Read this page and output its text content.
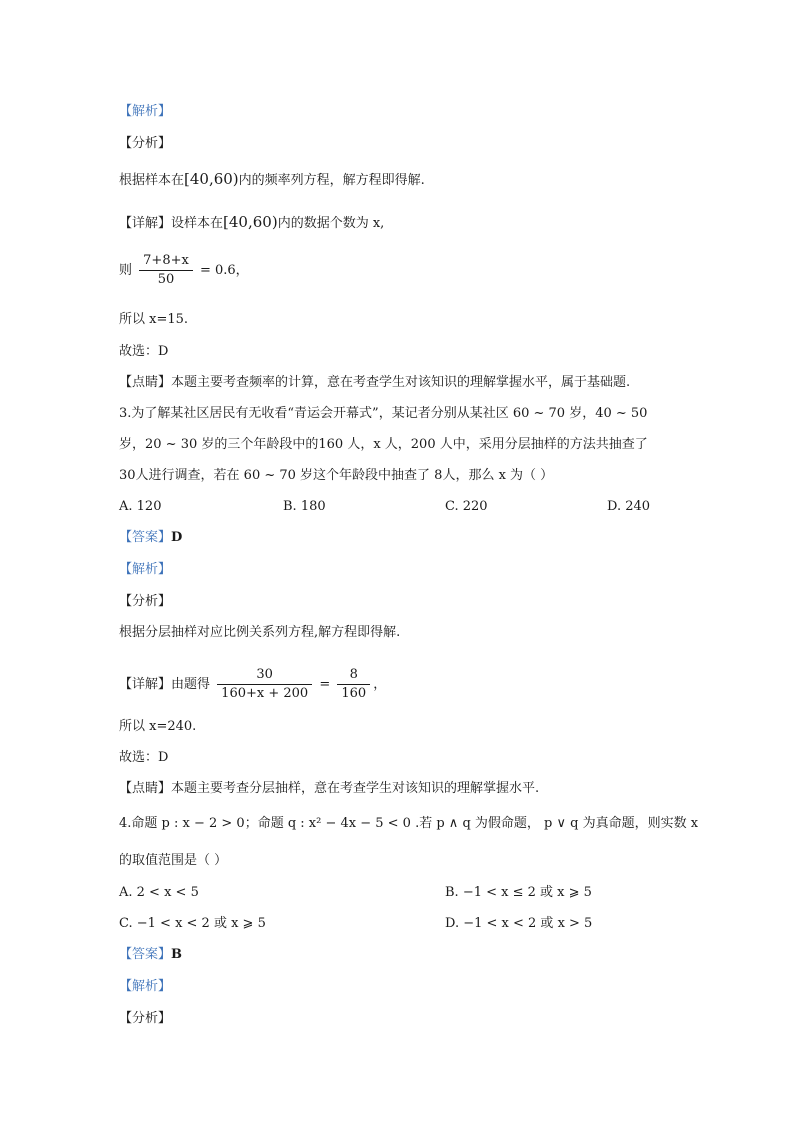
【解析】
【分析】
根据样本在[40,60)内的频率列方程，解方程即得解.
【详解】设样本在[40,60)内的数据个数为 x,
则 $\frac{7+8+x}{50} = 0.6$，
所以 x=15.
故选：D
【点睛】本题主要考查频率的计算，意在考查学生对该知识的理解掌握水平，属于基础题.
3.为了解某社区居民有无收看“青运会开幕式”，某记者分别从某社区 60 ~ 70 岁，40 ~ 50
岁，20 ~ 30 岁的三个年龄段中的160 人，x 人，200 人中，采用分层抽样的方法共抽查了
30人进行调查，若在 60 ~ 70 岁这个年龄段中抽查了 8人，那么 x 为（ ）
A. 120	B. 180	C. 220	D. 240
【答案】D
【解析】
【分析】
根据分层抽样对应比例关系列方程,解方程即得解.
【详解】由题得 $\frac{30}{160+x + 200} = \frac{8}{160}$ ，
所以 x=240.
故选：D
【点睛】本题主要考查分层抽样，意在考查学生对该知识的理解掌握水平.
4.命题 p : x − 2 > 0；命题 q : x² − 4x − 5 < 0 .若 p ∧ q 为假命题， p ∨ q 为真命题，则实数 x
的取值范围是（ ）
A. 2 < x < 5	B. −1 < x ≤ 2 或 x ⩾ 5
C. −1 < x < 2 或 x ⩾ 5	D. −1 < x < 2 或 x > 5
【答案】B
【解析】
【分析】
